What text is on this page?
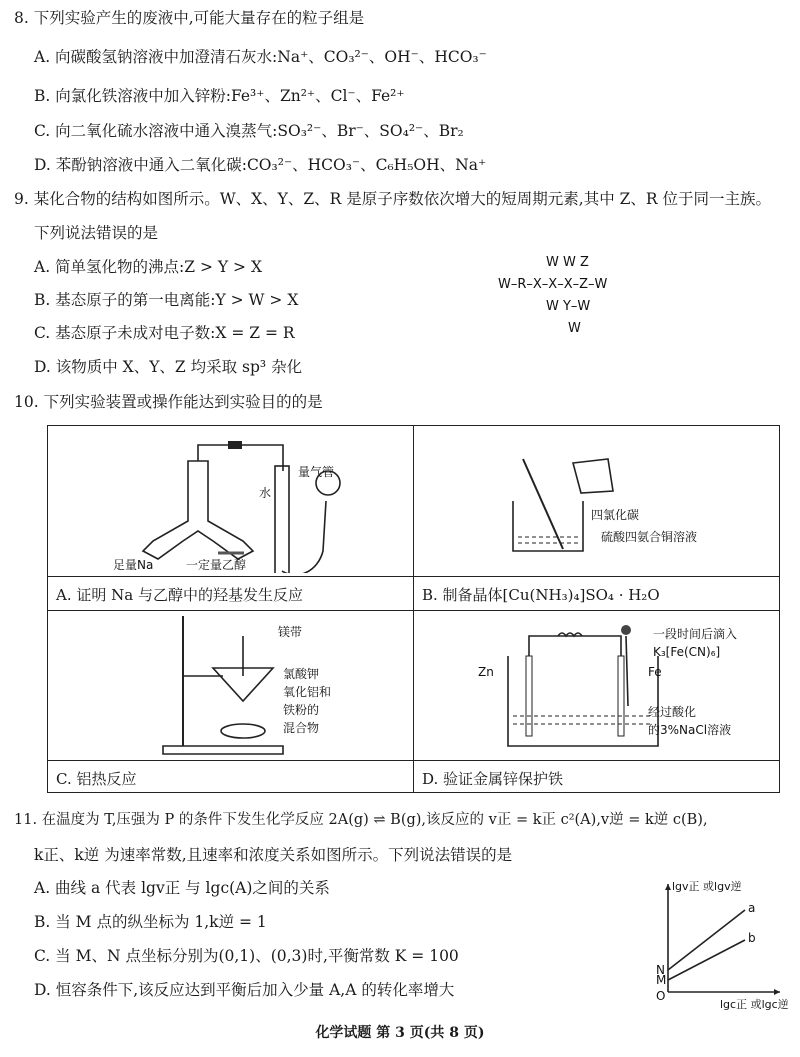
8. 下列实验产生的废液中,可能大量存在的粒子组是
A. 向碳酸氢钠溶液中加澄清石灰水:Na⁺、CO₃²⁻、OH⁻、HCO₃⁻
B. 向氯化铁溶液中加入锌粉:Fe³⁺、Zn²⁺、Cl⁻、Fe²⁺
C. 向二氧化硫水溶液中通入溴蒸气:SO₃²⁻、Br⁻、SO₄²⁻、Br₂
D. 苯酚钠溶液中通入二氧化碳:CO₃²⁻、HCO₃⁻、C₆H₅OH、Na⁺
9. 某化合物的结构如图所示。W、X、Y、Z、R 是原子序数依次增大的短周期元素,其中 Z、R 位于同一主族。
下列说法错误的是
A. 简单氢化物的沸点:Z > Y > X
B. 基态原子的第一电离能:Y > W > X
C. 基态原子未成对电子数:X = Z = R
D. 该物质中 X、Y、Z 均采取 sp³ 杂化
W W Z
W–R–X–X–X–Z–W
W Y–W
W
10. 下列实验装置或操作能达到实验目的的是
水
量气管
足量Na	一定量乙醇
四氯化碳
硫酸四氨合铜溶液
A. 证明 Na 与乙醇中的羟基发生反应	B. 制备晶体[Cu(NH₃)₄]SO₄ · H₂O
镁带
氯酸钾
氧化铝和
铁粉的
混合物
Zn	Fe
一段时间后滴入
K₃[Fe(CN)₆]
经过酸化
的3%NaCl溶液
C. 铝热反应	D. 验证金属锌保护铁
11. 在温度为 T,压强为 P 的条件下发生化学反应 2A(g) ⇌ B(g),该反应的 v正 = k正 c²(A),v逆 = k逆 c(B),
k正、k逆 为速率常数,且速率和浓度关系如图所示。下列说法错误的是
A. 曲线 a 代表 lgv正 与 lgc(A)之间的关系
B. 当 M 点的纵坐标为 1,k逆 = 1
C. 当 M、N 点坐标分别为(0,1)、(0,3)时,平衡常数 K = 100
D. 恒容条件下,该反应达到平衡后加入少量 A,A 的转化率增大
lgv正 或lgv逆
lgc正 或lgc逆
a
b
N
M
O
化学试题 第 3 页(共 8 页)
